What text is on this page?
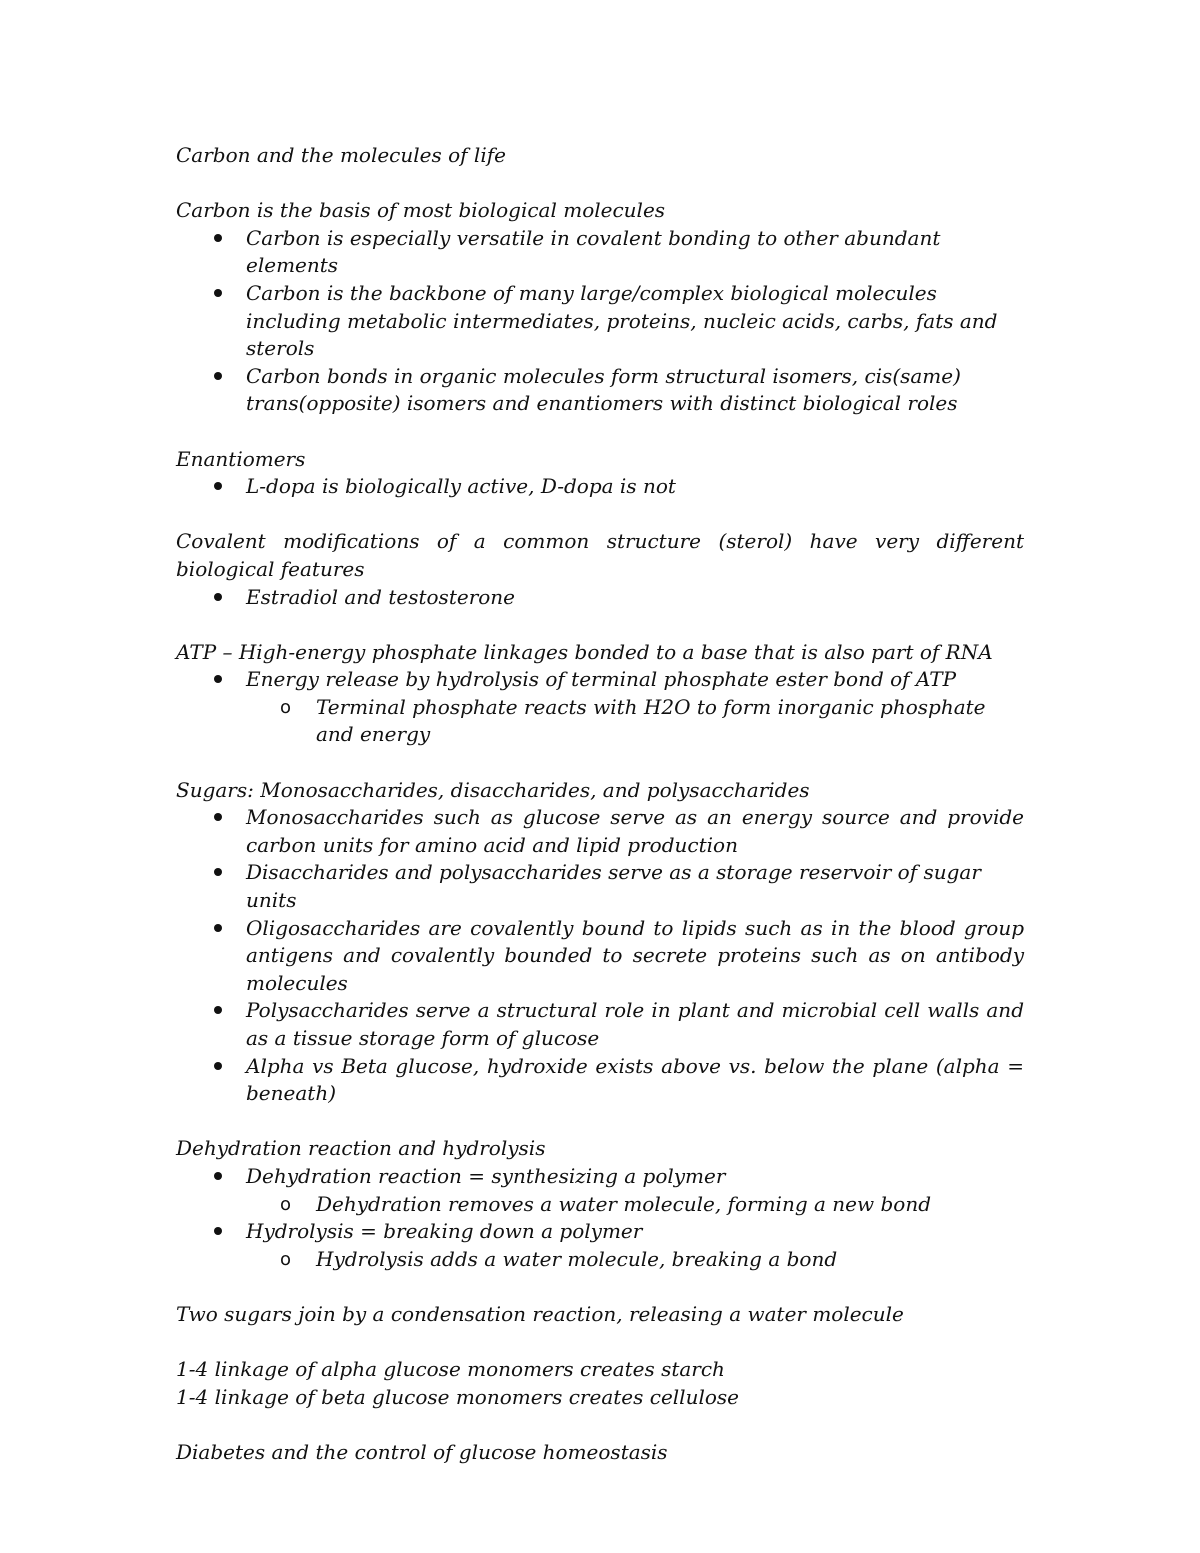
Carbon and the molecules of life

Carbon is the basis of most biological molecules

Carbon is especially versatile in covalent bonding to other abundant elements
Carbon is the backbone of many large/complex biological molecules including metabolic intermediates, proteins, nucleic acids, carbs, fats and sterols
Carbon bonds in organic molecules form structural isomers, cis(same) trans(opposite) isomers and enantiomers with distinct biological roles

Enantiomers

L-dopa is biologically active, D-dopa is not

Covalent modifications of a common structure (sterol) have very different biological features

Estradiol and testosterone

ATP – High-energy phosphate linkages bonded to a base that is also part of RNA

Energy release by hydrolysis of terminal phosphate ester bond of ATP
o Terminal phosphate reacts with H2O to form inorganic phosphate and energy

Sugars: Monosaccharides, disaccharides, and polysaccharides

Monosaccharides such as glucose serve as an energy source and provide carbon units for amino acid and lipid production
Disaccharides and polysaccharides serve as a storage reservoir of sugar units
Oligosaccharides are covalently bound to lipids such as in the blood group antigens and covalently bounded to secrete proteins such as on antibody molecules
Polysaccharides serve a structural role in plant and microbial cell walls and as a tissue storage form of glucose
Alpha vs Beta glucose, hydroxide exists above vs. below the plane (alpha = beneath)

Dehydration reaction and hydrolysis

Dehydration reaction = synthesizing a polymer
o Dehydration removes a water molecule, forming a new bond
Hydrolysis = breaking down a polymer
o Hydrolysis adds a water molecule, breaking a bond

Two sugars join by a condensation reaction, releasing a water molecule

1-4 linkage of alpha glucose monomers creates starch

1-4 linkage of beta glucose monomers creates cellulose

Diabetes and the control of glucose homeostasis
